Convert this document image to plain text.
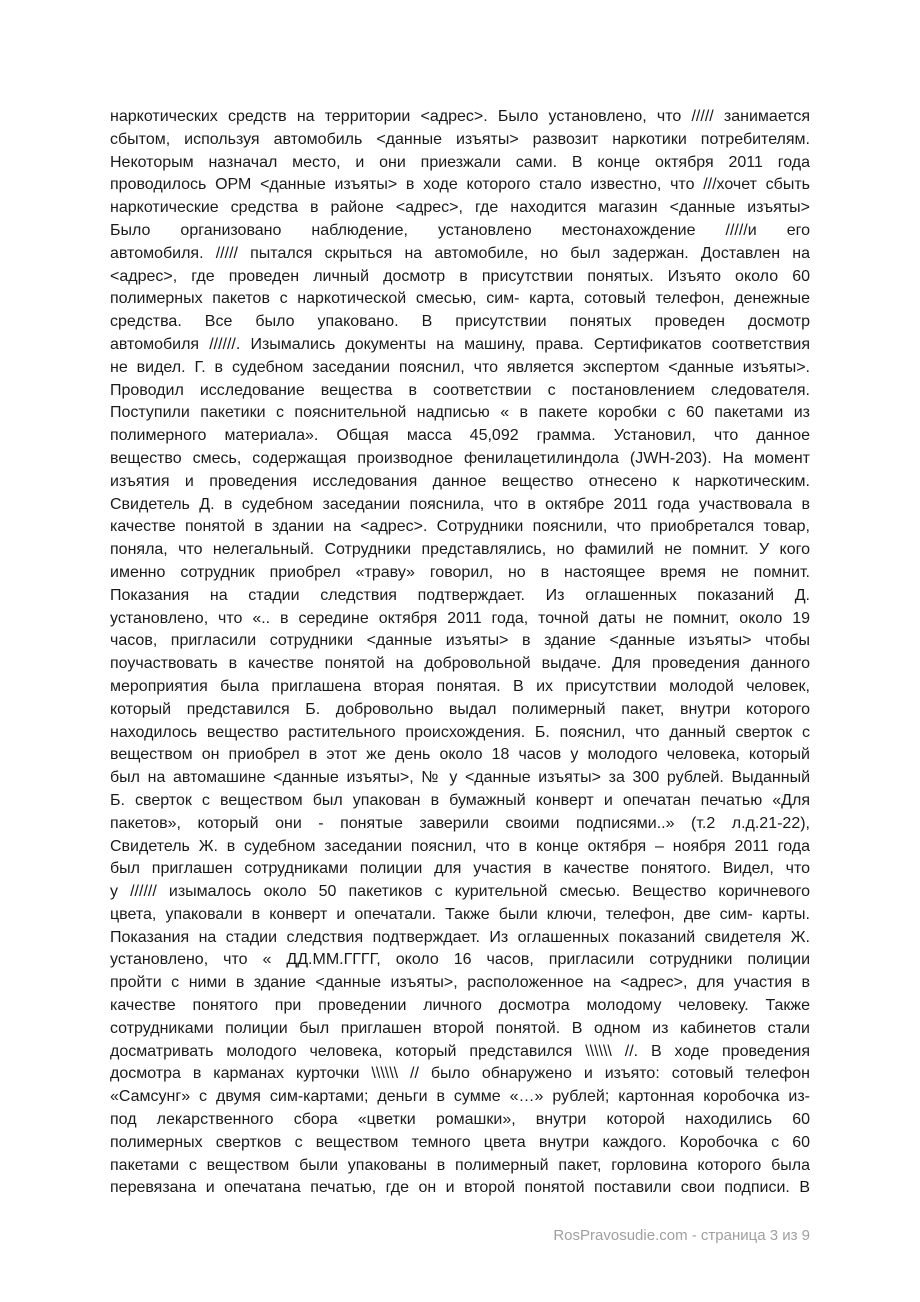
наркотических средств на территории <адрес>. Было установлено, что ///// занимается
сбытом, используя автомобиль <данные изъяты> развозит наркотики потребителям.
Некоторым назначал место, и они приезжали сами. В конце октября 2011 года
проводилось ОРМ <данные изъяты> в ходе которого стало известно, что ///хочет сбыть
наркотические средства в районе <адрес>, где находится магазин <данные изъяты>
Было организовано наблюдение, установлено местонахождение /////и его
автомобиля. ///// пытался скрыться на автомобиле, но был задержан. Доставлен на
<адрес>, где проведен личный досмотр в присутствии понятых. Изъято около 60
полимерных пакетов с наркотической смесью, сим- карта, сотовый телефон, денежные
средства. Все было упаковано. В присутствии понятых проведен досмотр
автомобиля //////. Изымались документы на машину, права. Сертификатов соответствия
не видел. Г. в судебном заседании пояснил, что является экспертом <данные изъяты>.
Проводил исследование вещества в соответствии с постановлением следователя.
Поступили пакетики с пояснительной надписью « в пакете коробки с 60 пакетами из
полимерного материала». Общая масса 45,092 грамма. Установил, что данное
вещество смесь, содержащая производное фенилацетилиндола (JWH-203). На момент
изъятия и проведения исследования данное вещество отнесено к наркотическим.
Свидетель Д. в судебном заседании пояснила, что в октябре 2011 года участвовала в
качестве понятой в здании на <адрес>. Сотрудники пояснили, что приобретался товар,
поняла, что нелегальный. Сотрудники представлялись, но фамилий не помнит. У кого
именно сотрудник приобрел «траву» говорил, но в настоящее время не помнит.
Показания на стадии следствия подтверждает. Из оглашенных показаний Д.
установлено, что «.. в середине октября 2011 года, точной даты не помнит, около 19
часов, пригласили сотрудники <данные изъяты> в здание <данные изъяты> чтобы
поучаствовать в качестве понятой на добровольной выдаче. Для проведения данного
мероприятия была приглашена вторая понятая. В их присутствии молодой человек,
который представился Б. добровольно выдал полимерный пакет, внутри которого
находилось вещество растительного происхождения. Б. пояснил, что данный сверток с
веществом он приобрел в этот же день около 18 часов у молодого человека, который
был на автомашине <данные изъяты>, № у <данные изъяты> за 300 рублей. Выданный
Б. сверток с веществом был упакован в бумажный конверт и опечатан печатью «Для
пакетов», который они - понятые заверили своими подписями..» (т.2 л.д.21-22),
Свидетель Ж. в судебном заседании пояснил, что в конце октября – ноября 2011 года
был приглашен сотрудниками полиции для участия в качестве понятого. Видел, что
у ////// изымалось около 50 пакетиков с курительной смесью. Вещество коричневого
цвета, упаковали в конверт и опечатали. Также были ключи, телефон, две сим- карты.
Показания на стадии следствия подтверждает. Из оглашенных показаний свидетеля Ж.
установлено, что « ДД.ММ.ГГГГ, около 16 часов, пригласили сотрудники полиции
пройти с ними в здание <данные изъяты>, расположенное на <адрес>, для участия в
качестве понятого при проведении личного досмотра молодому человеку. Также
сотрудниками полиции был приглашен второй понятой. В одном из кабинетов стали
досматривать молодого человека, который представился \\\\\\ //. В ходе проведения
досмотра в карманах курточки \\\\\\ // было обнаружено и изъято: сотовый телефон
«Самсунг» с двумя сим-картами; деньги в сумме «…» рублей; картонная коробочка из-
под лекарственного сбора «цветки ромашки», внутри которой находились 60
полимерных свертков с веществом темного цвета внутри каждого. Коробочка с 60
пакетами с веществом были упакованы в полимерный пакет, горловина которого была
перевязана и опечатана печатью, где он и второй понятой поставили свои подписи. В
RosPravosudie.com - страница 3 из 9
